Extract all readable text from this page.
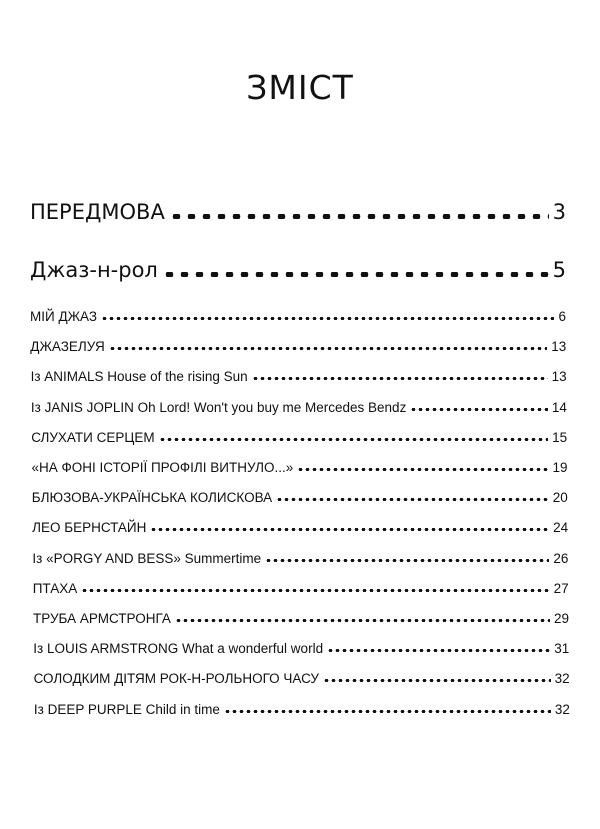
ЗМІСТ
ПЕРЕДМОВА	3
Джаз-н-рол	5
МІЙ ДЖАЗ	6
ДЖАЗЕЛУЯ	13
Із ANIMALS House of the rising Sun	13
Із JANIS JOPLIN Oh Lord! Won't you buy me Mercedes Bendz	14
СЛУХАТИ СЕРЦЕМ	15
«НА ФОНІ ІСТОРІЇ ПРОФІЛІ ВИТНУЛО...»	19
БЛЮЗОВА-УКРАЇНСЬКА КОЛИСКОВА	20
ЛЕО БЕРНСТАЙН	24
Із «PORGY AND BESS» Summertime	26
ПТАХА	27
ТРУБА АРМСТРОНГА	29
Із LOUIS ARMSTRONG What a wonderful world	31
СОЛОДКИМ ДІТЯМ РОК-Н-РОЛЬНОГО ЧАСУ	32
Із DEEP PURPLE Child in time	32
